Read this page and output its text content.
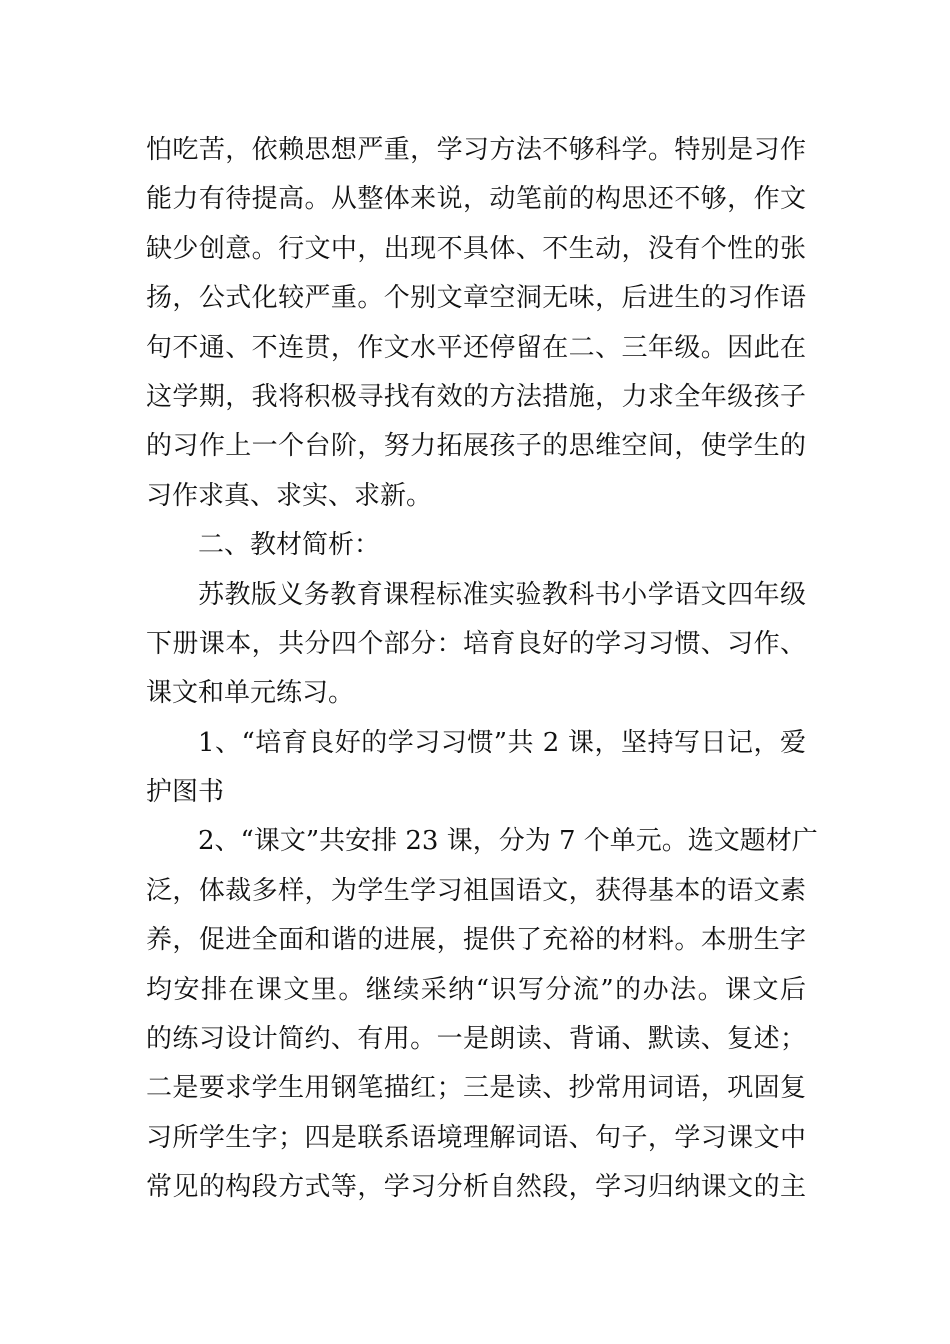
怕吃苦，依赖思想严重，学习方法不够科学。特别是习作
能力有待提高。从整体来说，动笔前的构思还不够，作文
缺少创意。行文中，出现不具体、不生动，没有个性的张
扬，公式化较严重。个别文章空洞无味，后进生的习作语
句不通、不连贯，作文水平还停留在二、三年级。因此在
这学期，我将积极寻找有效的方法措施，力求全年级孩子
的习作上一个台阶，努力拓展孩子的思维空间，使学生的
习作求真、求实、求新。
二、教材简析：
苏教版义务教育课程标准实验教科书小学语文四年级
下册课本，共分四个部分：培育良好的学习习惯、习作、
课文和单元练习。
1、“培育良好的学习习惯”共 2 课，坚持写日记，爱
护图书
2、“课文”共安排 23 课，分为 7 个单元。选文题材广
泛，体裁多样，为学生学习祖国语文，获得基本的语文素
养，促进全面和谐的进展，提供了充裕的材料。本册生字
均安排在课文里。继续采纳“识写分流”的办法。课文后
的练习设计简约、有用。一是朗读、背诵、默读、复述；
二是要求学生用钢笔描红；三是读、抄常用词语，巩固复
习所学生字；四是联系语境理解词语、句子，学习课文中
常见的构段方式等，学习分析自然段，学习归纳课文的主
